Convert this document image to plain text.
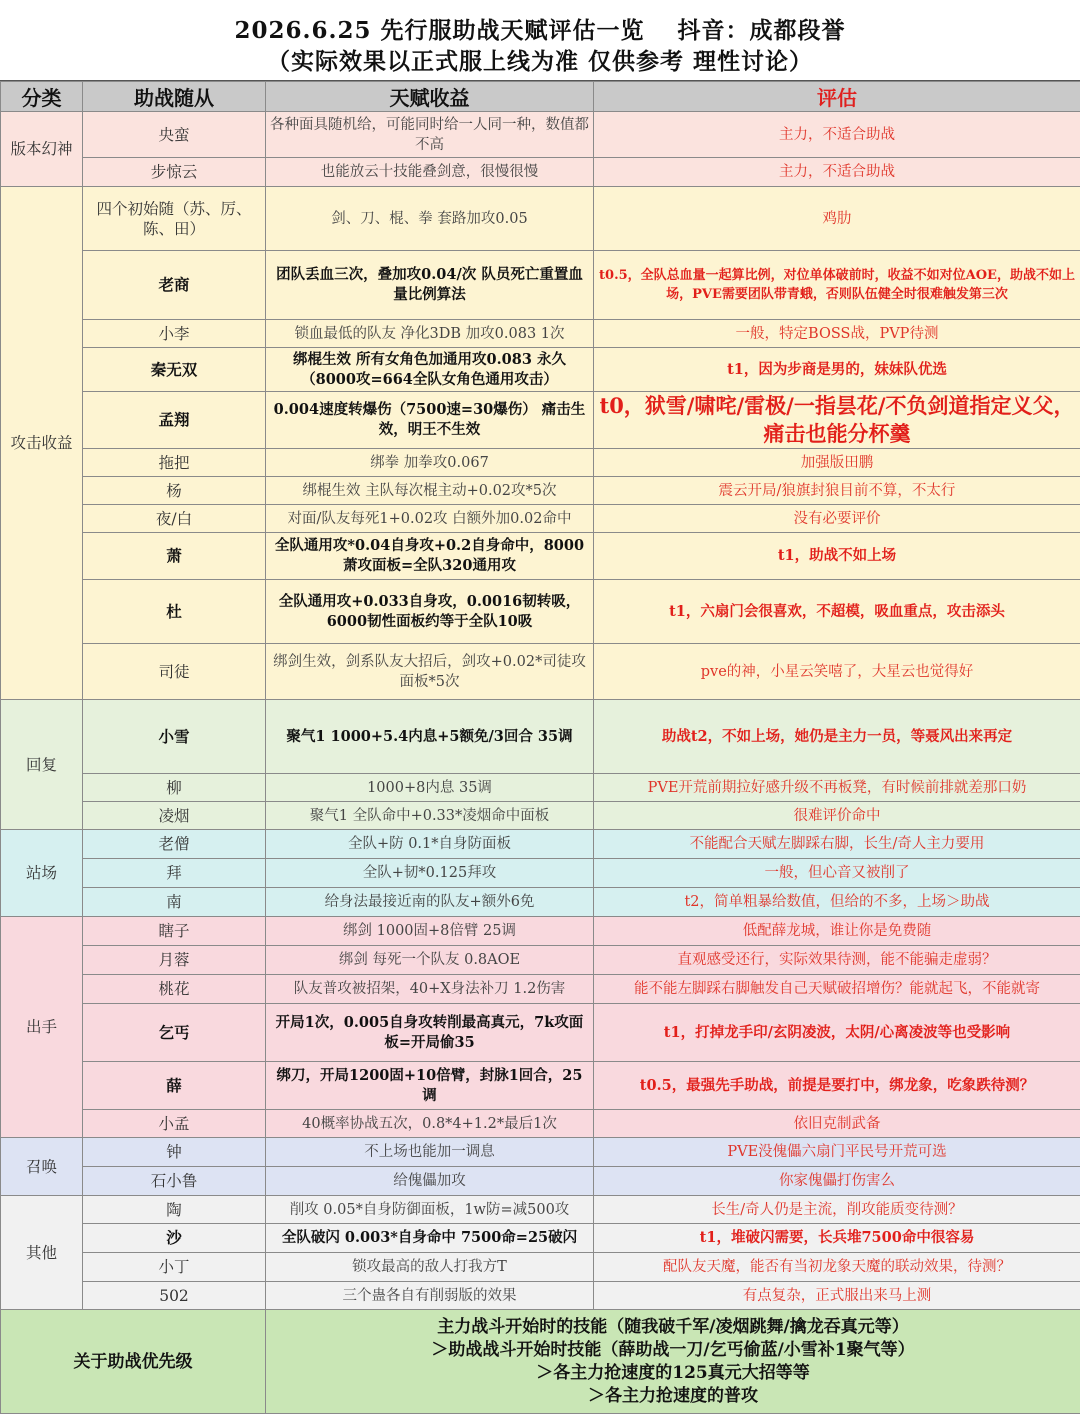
2026.6.25 先行服助战天赋评估一览　 抖音：成都段誉
（实际效果以正式服上线为准 仅供参考 理性讨论）
分类	助战随从	天赋收益	评估
版本幻神	央蛮	各种面具随机给，可能同时给一人同一种，数值都不高	主力，不适合助战
	步惊云	也能放云十技能叠剑意，很慢很慢	主力，不适合助战
攻击收益	四个初始随（苏、厉、陈、田）	剑、刀、棍、拳 套路加攻0.05	鸡肋
	老商	团队丢血三次，叠加攻0.04/次 队员死亡重置血量比例算法	t0.5，全队总血量一起算比例，对位单体破前时，收益不如对位AOE，助战不如上场，PVE需要团队带青蛾，否则队伍健全时很难触发第三次
	小李	锁血最低的队友 净化3DB 加攻0.083 1次	一般，特定BOSS战，PVP待测
	秦无双	绑棍生效 所有女角色加通用攻0.083 永久（8000攻=664全队女角色通用攻击）	t1，因为步商是男的，妹妹队优选
	孟翔	0.004速度转爆伤（7500速=30爆伤） 痛击生效，明王不生效	t0，狱雪/啸咤/雷极/一指昙花/不负剑道指定义父，痛击也能分杯羹
	拖把	绑拳 加拳攻0.067	加强版田鹏
	杨	绑棍生效 主队每次棍主动+0.02攻*5次	震云开局/狼旗封狼目前不算，不太行
	夜/白	对面/队友每死1+0.02攻 白额外加0.02命中	没有必要评价
	萧	全队通用攻*0.04自身攻+0.2自身命中，8000萧攻面板=全队320通用攻	t1，助战不如上场
	杜	全队通用攻+0.033自身攻，0.0016韧转吸，6000韧性面板约等于全队10吸	t1，六扇门会很喜欢，不超模，吸血重点，攻击添头
	司徒	绑剑生效，剑系队友大招后，剑攻+0.02*司徒攻面板*5次	pve的神，小星云笑嘻了，大星云也觉得好
回复	小雪	聚气1 1000+5.4内息+5额免/3回合 35调	助战t2，不如上场，她仍是主力一员，等聂风出来再定
	柳	1000+8内息 35调	PVE开荒前期拉好感升级不再板凳，有时候前排就差那口奶
	凌烟	聚气1 全队命中+0.33*凌烟命中面板	很难评价命中
站场	老僧	全队+防 0.1*自身防面板	不能配合天赋左脚踩右脚，长生/奇人主力要用
	拜	全队+韧*0.125拜攻	一般，但心音又被削了
	南	给身法最接近南的队友+额外6免	t2，简单粗暴给数值，但给的不多，上场＞助战
出手	瞎子	绑剑 1000固+8倍臂 25调	低配薛龙城，谁让你是免费随
	月蓉	绑剑 每死一个队友 0.8AOE	直观感受还行，实际效果待测，能不能骗走虚弱？
	桃花	队友普攻被招架，40+X身法补刀 1.2伤害	能不能左脚踩右脚触发自己天赋破招增伤？能就起飞，不能就寄
	乞丐	开局1次，0.005自身攻转削最高真元，7k攻面板=开局偷35	t1，打掉龙手印/玄阴凌波，太阴/心离凌波等也受影响
	薛	绑刀，开局1200固+10倍臂，封脉1回合，25调	t0.5，最强先手助战，前提是要打中，绑龙象，吃象跌待测？
	小孟	40概率协战五次，0.8*4+1.2*最后1次	依旧克制武备
召唤	钟	不上场也能加一调息	PVE没傀儡六扇门平民号开荒可选
	石小鲁	给傀儡加攻	你家傀儡打伤害么
其他	陶	削攻 0.05*自身防御面板，1w防=减500攻	长生/奇人仍是主流，削攻能质变待测？
	沙	全队破闪 0.003*自身命中 7500命=25破闪	t1，堆破闪需要，长兵堆7500命中很容易
	小丁	锁攻最高的敌人打我方T	配队友天魔，能否有当初龙象天魔的联动效果，待测？
	502	三个蛊各自有削弱版的效果	有点复杂，正式服出来马上测
关于助战优先级		主力战斗开始时的技能（随我破千军/凌烟跳舞/擒龙吞真元等）
＞助战战斗开始时技能（薛助战一刀/乞丐偷蓝/小雪补1聚气等）
＞各主力抢速度的125真元大招等等
＞各主力抢速度的普攻	
